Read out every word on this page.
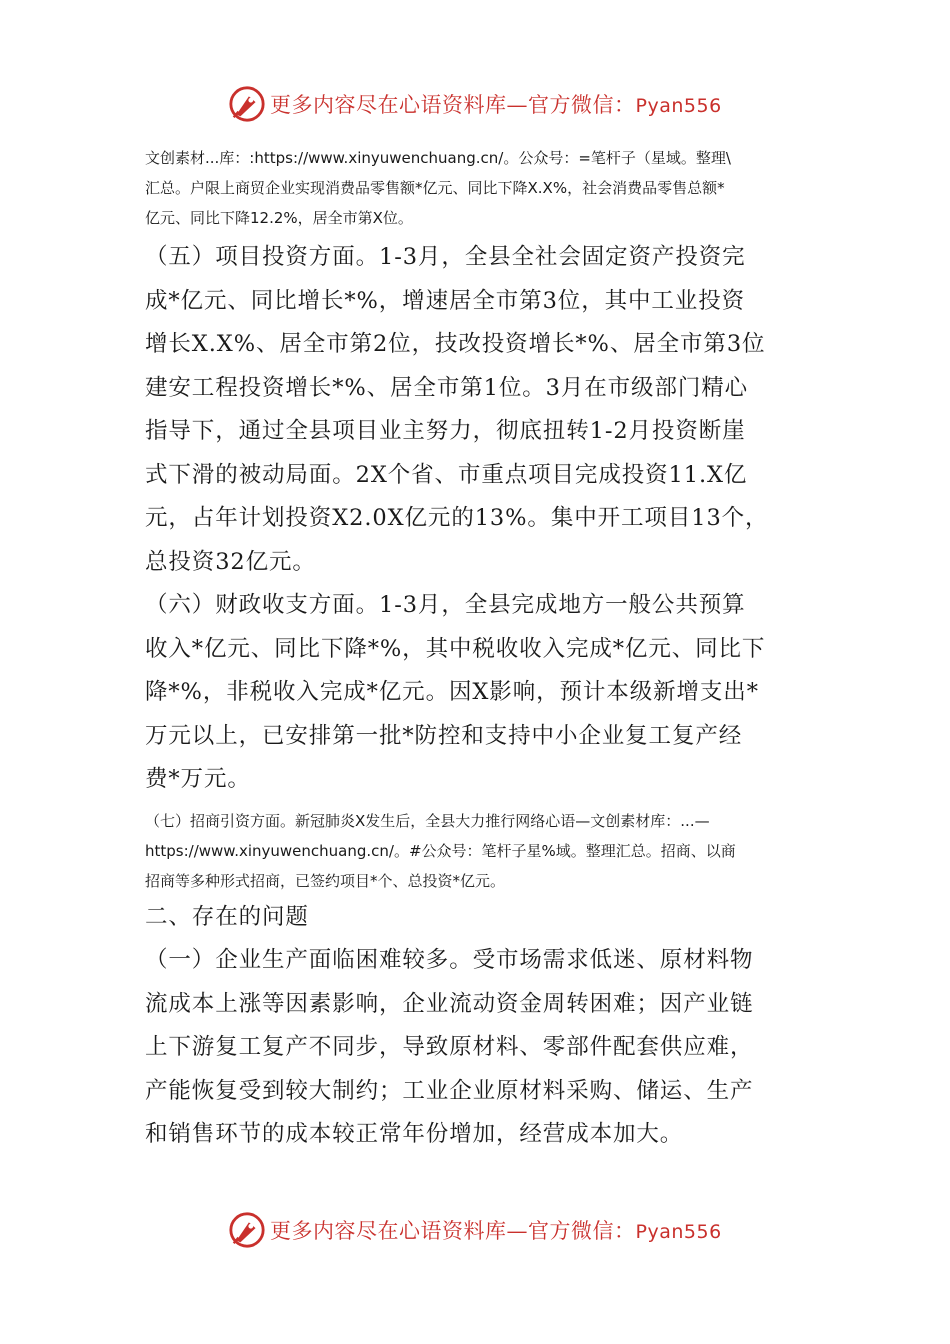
更多内容尽在心语资料库—官方微信：Pyan556

文创素材...库：:https://www.xinyuwenchuang.cn/。公众号：=笔杆子（星域。整理\

汇总。户限上商贸企业实现消费品零售额*亿元、同比下降X.X%，社会消费品零售总额*

亿元、同比下降12.2%，居全市第X位。

（五）项目投资方面。1-3月，全县全社会固定资产投资完

成*亿元、同比增长*%，增速居全市第3位，其中工业投资

增长X.X%、居全市第2位，技改投资增长*%、居全市第3位

建安工程投资增长*%、居全市第1位。3月在市级部门精心

指导下，通过全县项目业主努力，彻底扭转1-2月投资断崖

式下滑的被动局面。2X个省、市重点项目完成投资11.X亿

元，占年计划投资X2.0X亿元的13%。集中开工项目13个，

总投资32亿元。

（六）财政收支方面。1-3月，全县完成地方一般公共预算

收入*亿元、同比下降*%，其中税收收入完成*亿元、同比下

降*%，非税收入完成*亿元。因X影响，预计本级新增支出*

万元以上，已安排第一批*防控和支持中小企业复工复产经

费*万元。

（七）招商引资方面。新冠肺炎X发生后，全县大力推行网络心语—文创素材库：...—

https://www.xinyuwenchuang.cn/。#公众号：笔杆子星%域。整理汇总。招商、以商

招商等多种形式招商，已签约项目*个、总投资*亿元。

二、存在的问题

（一）企业生产面临困难较多。受市场需求低迷、原材料物

流成本上涨等因素影响，企业流动资金周转困难；因产业链

上下游复工复产不同步，导致原材料、零部件配套供应难，

产能恢复受到较大制约；工业企业原材料采购、储运、生产

和销售环节的成本较正常年份增加，经营成本加大。

更多内容尽在心语资料库—官方微信：Pyan556
